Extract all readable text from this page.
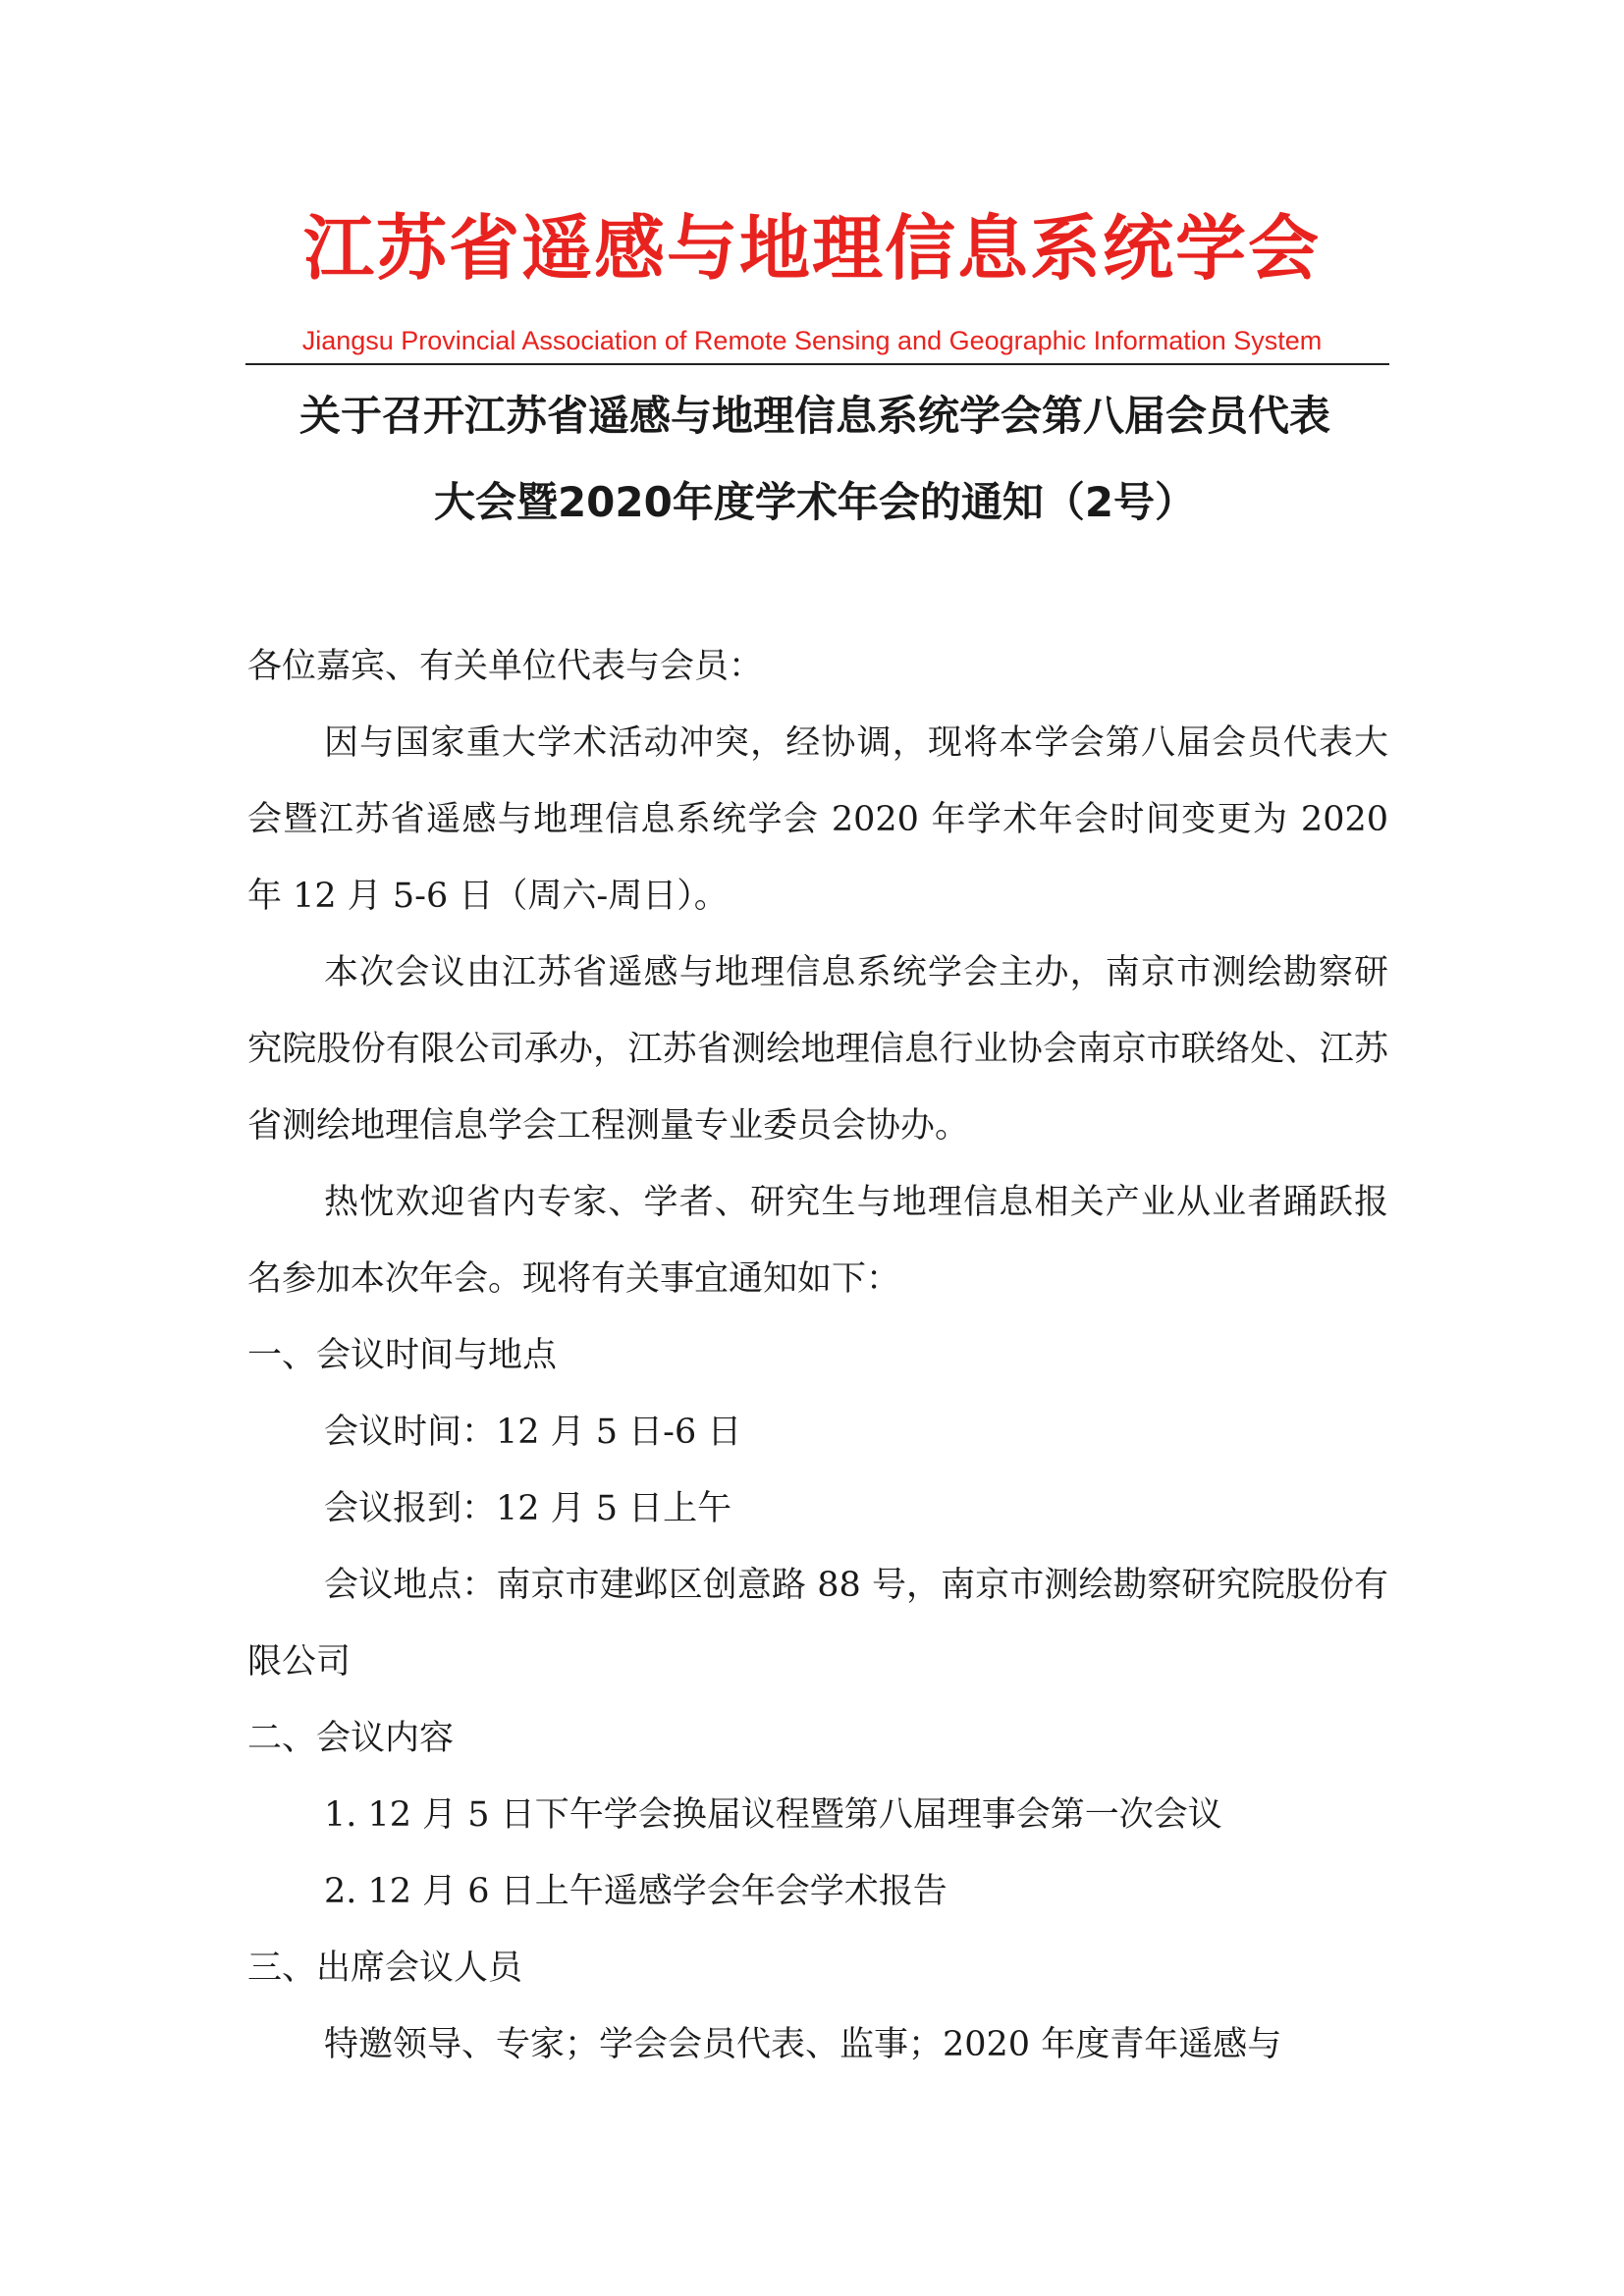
江苏省遥感与地理信息系统学会
Jiangsu Provincial Association of Remote Sensing and Geographic Information System
关于召开江苏省遥感与地理信息系统学会第八届会员代表
大会暨2020年度学术年会的通知（2号）

各位嘉宾、有关单位代表与会员：

因与国家重大学术活动冲突，经协调，现将本学会第八届会员代表大会暨江苏省遥感与地理信息系统学会 2020 年学术年会时间变更为 2020 年 12 月 5-6 日（周六-周日）。

本次会议由江苏省遥感与地理信息系统学会主办，南京市测绘勘察研究院股份有限公司承办，江苏省测绘地理信息行业协会南京市联络处、江苏省测绘地理信息学会工程测量专业委员会协办。

热忱欢迎省内专家、学者、研究生与地理信息相关产业从业者踊跃报名参加本次年会。现将有关事宜通知如下：

一、会议时间与地点

会议时间：12 月 5 日-6 日

会议报到：12 月 5 日上午

会议地点：南京市建邺区创意路 88 号，南京市测绘勘察研究院股份有限公司

二、会议内容

1. 12 月 5 日下午学会换届议程暨第八届理事会第一次会议

2. 12 月 6 日上午遥感学会年会学术报告

三、出席会议人员

特邀领导、专家；学会会员代表、监事；2020 年度青年遥感与
